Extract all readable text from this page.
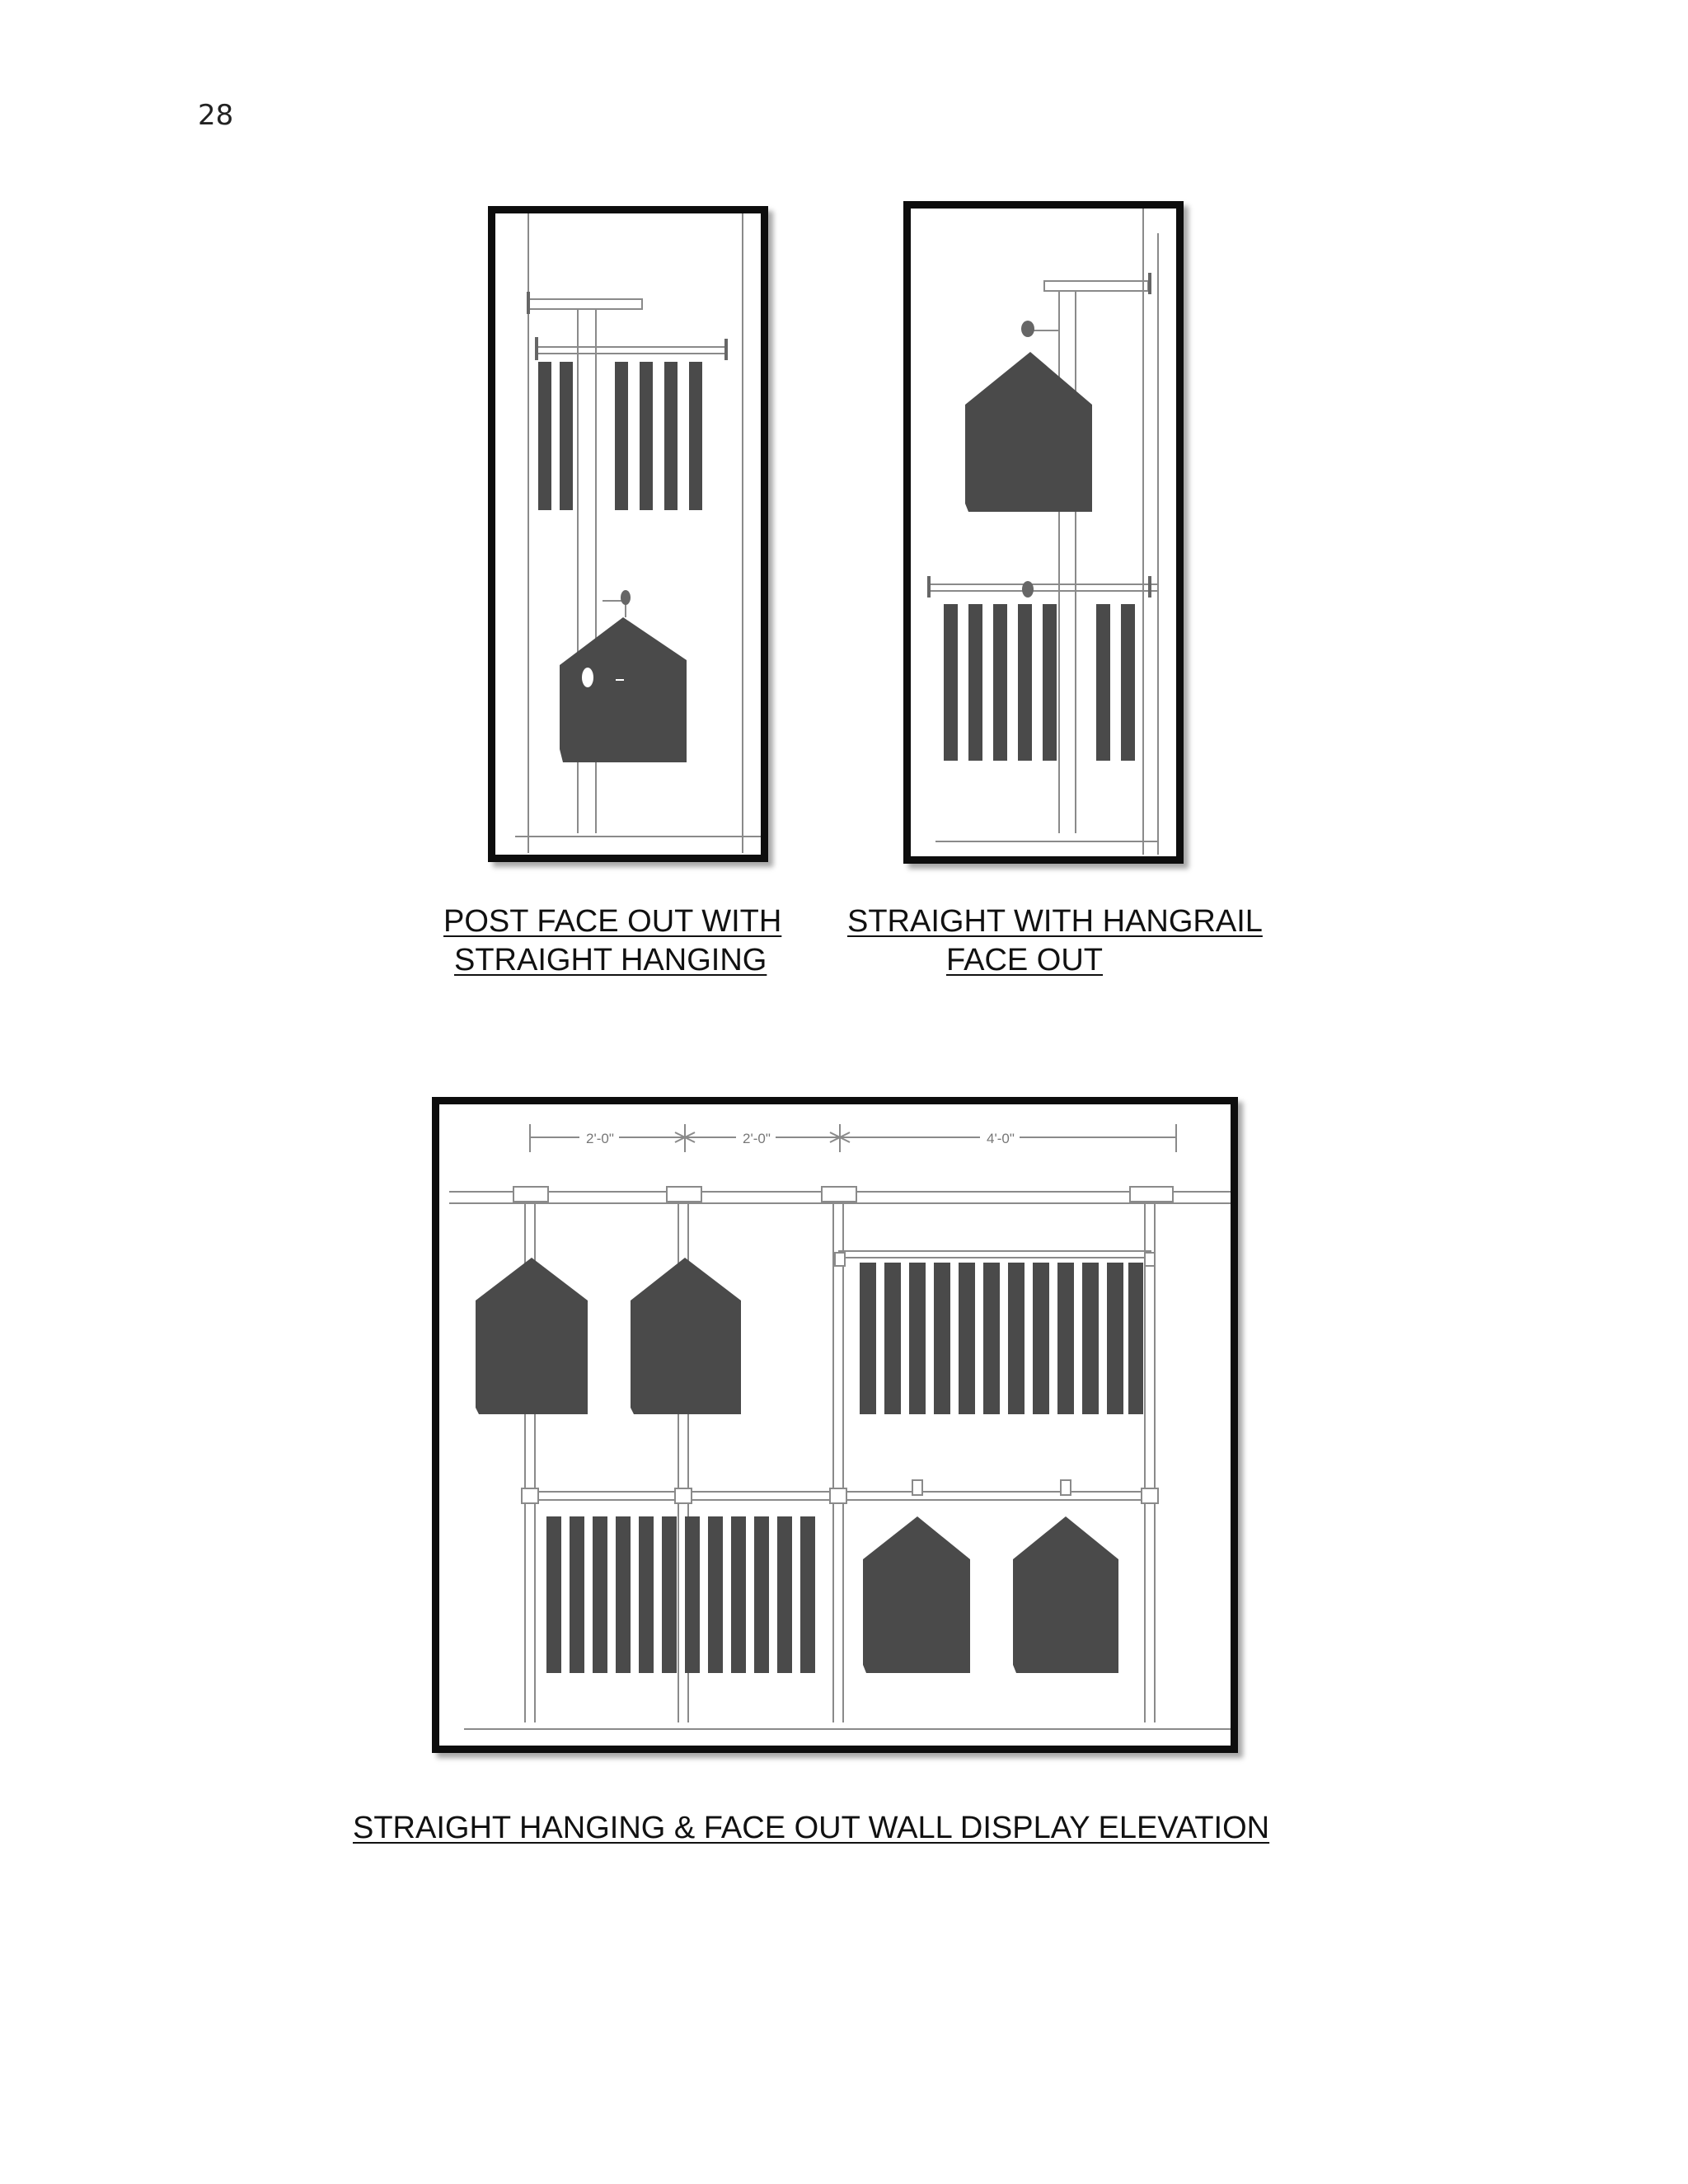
28
POST FACE OUT WITH
STRAIGHT HANGING
STRAIGHT WITH HANGRAIL
FACE OUT
2'-0"	2'-0"	4'-0"
STRAIGHT HANGING & FACE OUT WALL DISPLAY ELEVATION
